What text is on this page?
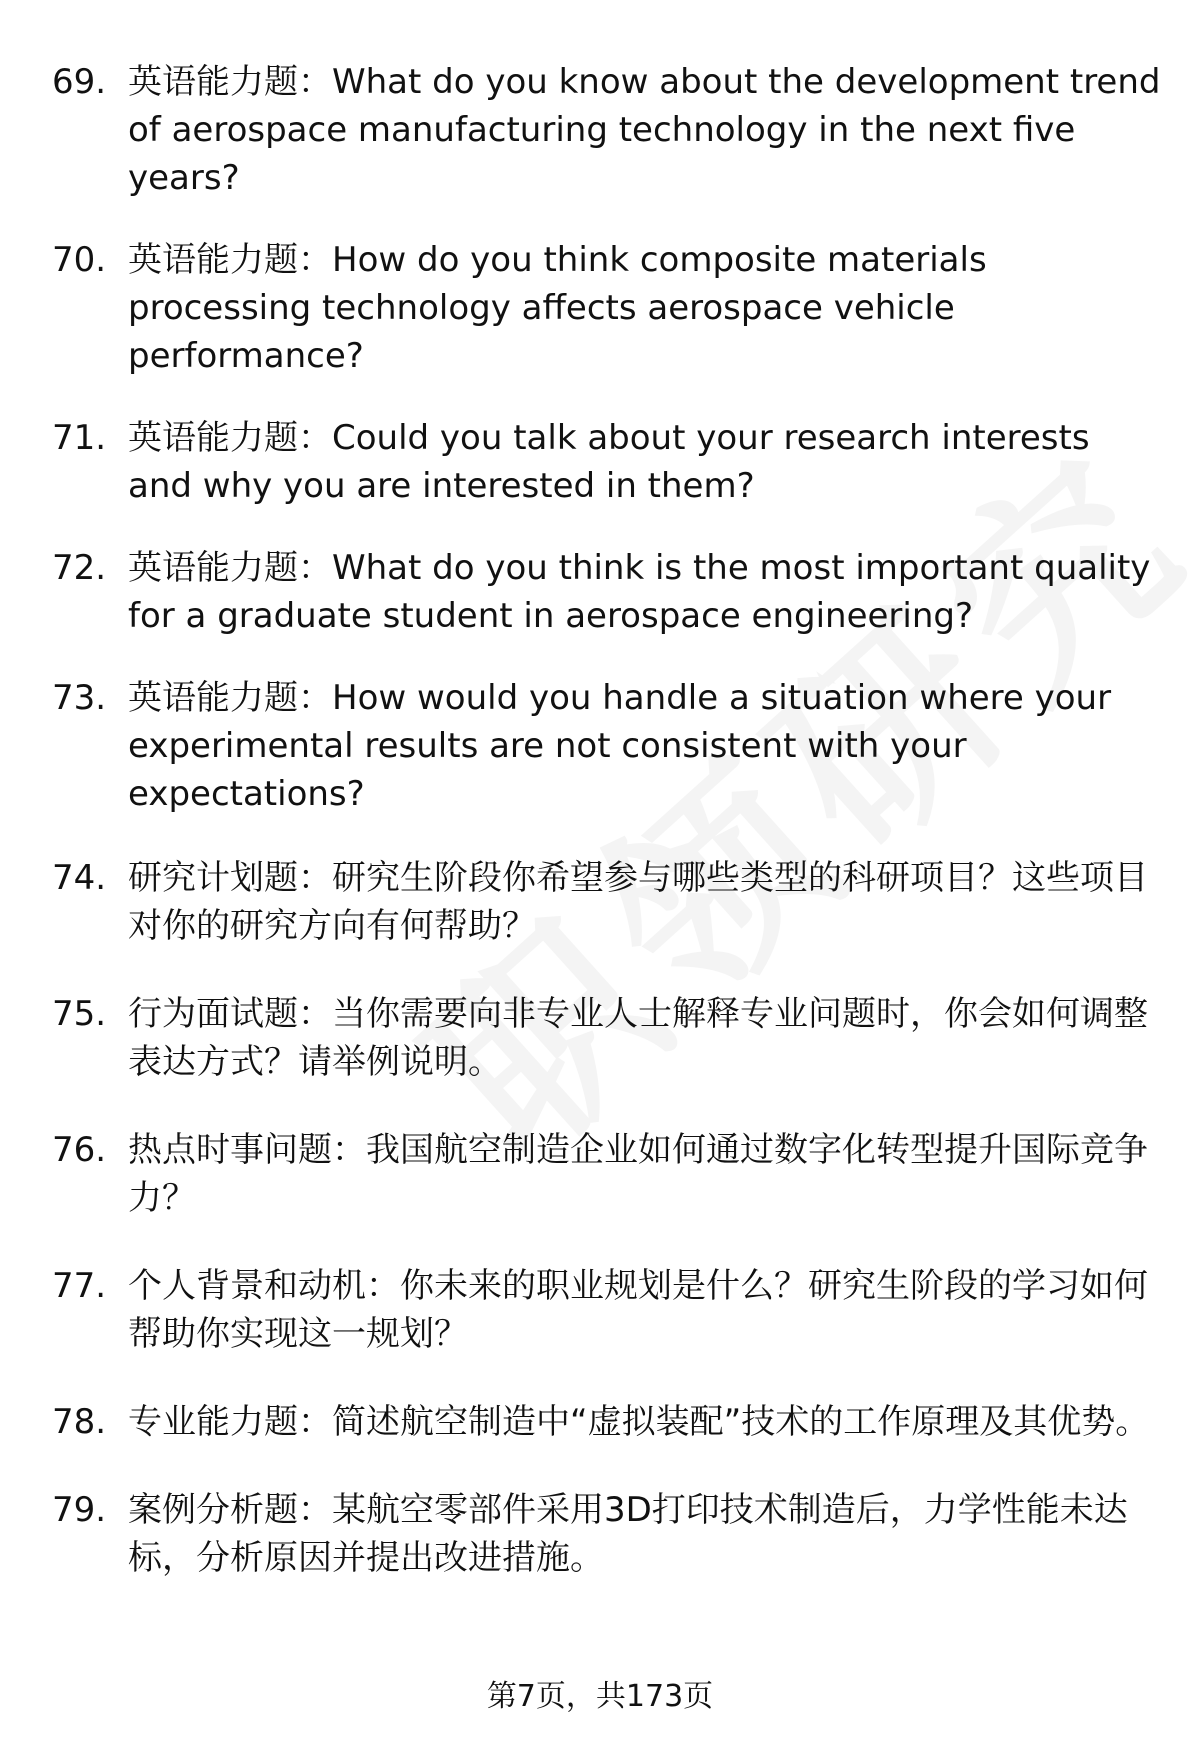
69. 英语能力题：What do you know about the development trend of aerospace manufacturing technology in the next five years?
70. 英语能力题：How do you think composite materials processing technology affects aerospace vehicle performance?
71. 英语能力题：Could you talk about your research interests and why you are interested in them?
72. 英语能力题：What do you think is the most important quality for a graduate student in aerospace engineering?
73. 英语能力题：How would you handle a situation where your experimental results are not consistent with your expectations?
74. 研究计划题：研究生阶段你希望参与哪些类型的科研项目？这些项目对你的研究方向有何帮助？
75. 行为面试题：当你需要向非专业人士解释专业问题时，你会如何调整表达方式？请举例说明。
76. 热点时事问题：我国航空制造企业如何通过数字化转型提升国际竞争力？
77. 个人背景和动机：你未来的职业规划是什么？研究生阶段的学习如何帮助你实现这一规划？
78. 专业能力题：简述航空制造中“虚拟装配”技术的工作原理及其优势。
79. 案例分析题：某航空零部件采用3D打印技术制造后，力学性能未达标，分析原因并提出改进措施。
第7页，共173页
